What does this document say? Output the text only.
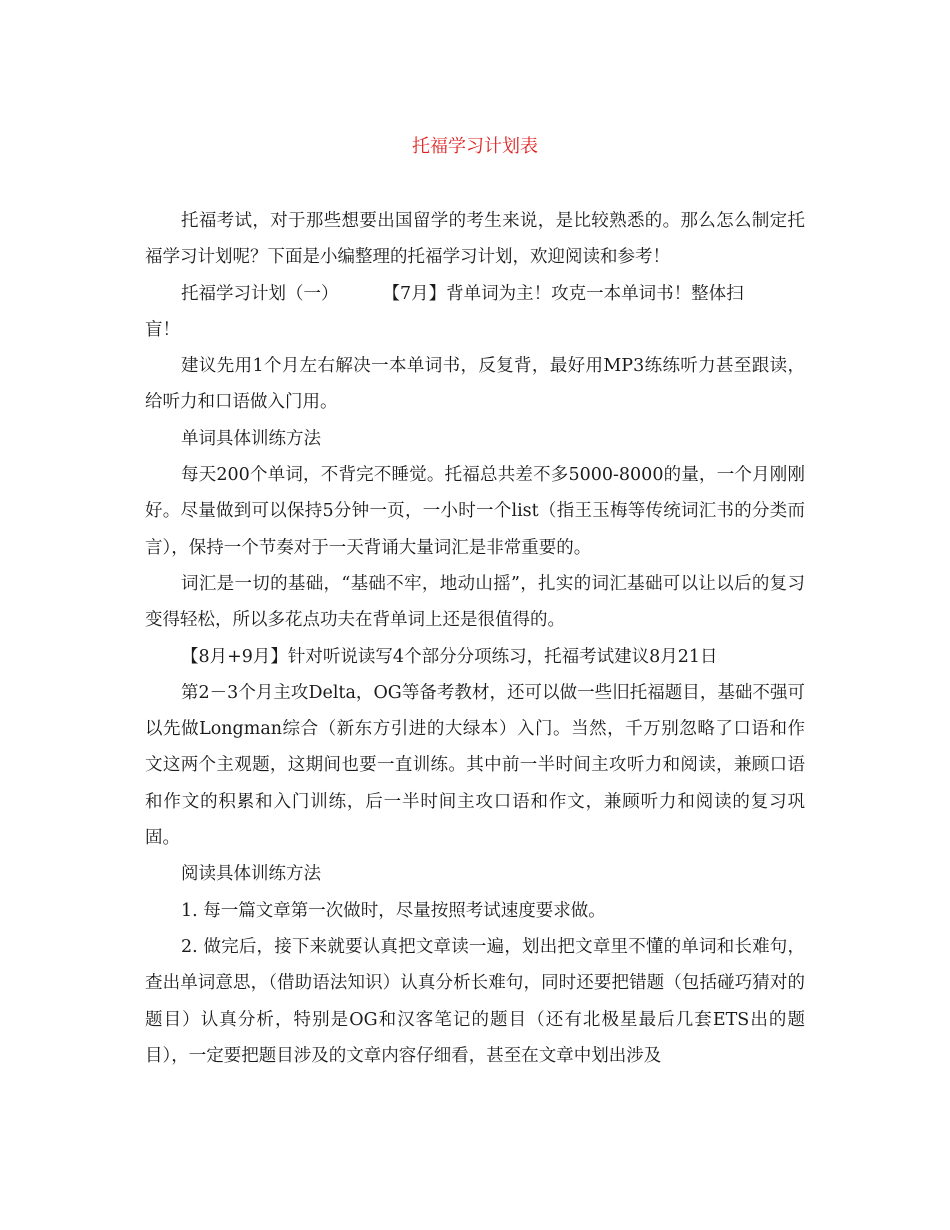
托福学习计划表

托福考试，对于那些想要出国留学的考生来说，是比较熟悉的。那么怎么制定托福学习计划呢？下面是小编整理的托福学习计划，欢迎阅读和参考！

托福学习计划（一）	【7月】背单词为主！攻克一本单词书！整体扫

盲！

建议先用1个月左右解决一本单词书，反复背，最好用MP3练练听力甚至跟读，给听力和口语做入门用。

单词具体训练方法

每天200个单词，不背完不睡觉。托福总共差不多5000-8000的量，一个月刚刚好。尽量做到可以保持5分钟一页，一小时一个list（指王玉梅等传统词汇书的分类而言），保持一个节奏对于一天背诵大量词汇是非常重要的。

词汇是一切的基础，“基础不牢，地动山摇”，扎实的词汇基础可以让以后的复习变得轻松，所以多花点功夫在背单词上还是很值得的。

【8月+9月】针对听说读写4个部分分项练习，托福考试建议8月21日

第2－3个月主攻Delta，OG等备考教材，还可以做一些旧托福题目，基础不强可以先做Longman综合（新东方引进的大绿本）入门。当然，千万别忽略了口语和作文这两个主观题，这期间也要一直训练。其中前一半时间主攻听力和阅读，兼顾口语和作文的积累和入门训练，后一半时间主攻口语和作文，兼顾听力和阅读的复习巩固。

阅读具体训练方法

1. 每一篇文章第一次做时，尽量按照考试速度要求做。

2. 做完后，接下来就要认真把文章读一遍，划出把文章里不懂的单词和长难句，查出单词意思，（借助语法知识）认真分析长难句，同时还要把错题（包括碰巧猜对的题目）认真分析，特别是OG和汉客笔记的题目（还有北极星最后几套ETS出的题目），一定要把题目涉及的文章内容仔细看，甚至在文章中划出涉及
